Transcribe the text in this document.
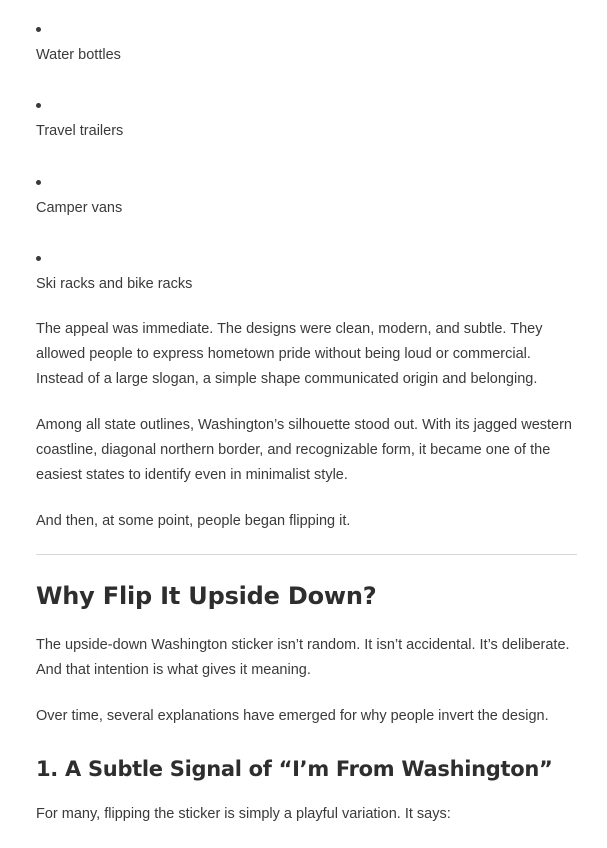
Water bottles
Travel trailers
Camper vans
Ski racks and bike racks

The appeal was immediate. The designs were clean, modern, and subtle. They allowed people to express hometown pride without being loud or commercial. Instead of a large slogan, a simple shape communicated origin and belonging.

Among all state outlines, Washington’s silhouette stood out. With its jagged western coastline, diagonal northern border, and recognizable form, it became one of the easiest states to identify even in minimalist style.

And then, at some point, people began flipping it.

Why Flip It Upside Down?

The upside-down Washington sticker isn’t random. It isn’t accidental. It’s deliberate. And that intention is what gives it meaning.

Over time, several explanations have emerged for why people invert the design.

1. A Subtle Signal of “I’m From Washington”

For many, flipping the sticker is simply a playful variation. It says:
